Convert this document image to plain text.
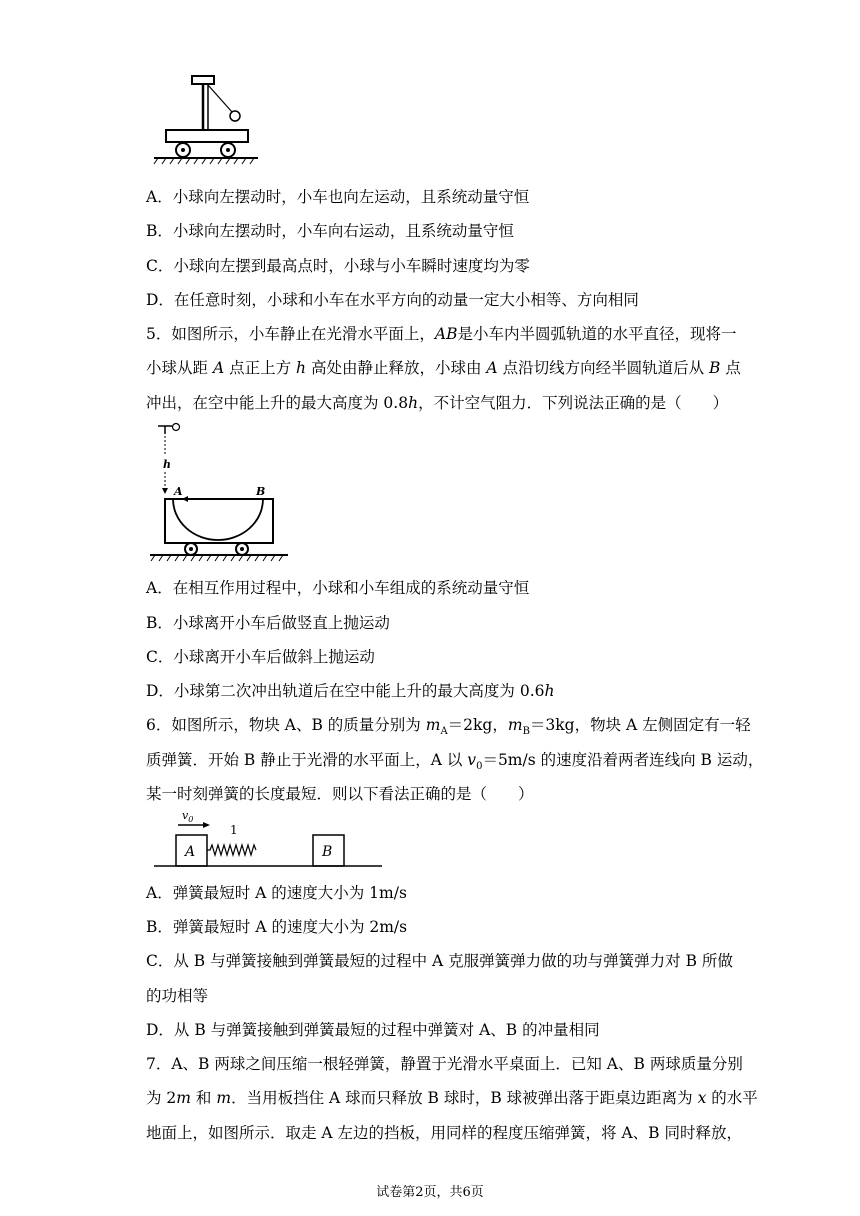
A．小球向左摆动时，小车也向左运动，且系统动量守恒
B．小球向左摆动时，小车向右运动，且系统动量守恒
C．小球向左摆到最高点时，小球与小车瞬时速度均为零
D．在任意时刻，小球和小车在水平方向的动量一定大小相等、方向相同
5．如图所示，小车静止在光滑水平面上，AB是小车内半圆弧轨道的水平直径，现将一
小球从距 A 点正上方 h 高处由静止释放，小球由 A 点沿切线方向经半圆轨道后从 B 点
冲出，在空中能上升的最大高度为 0.8h，不计空气阻力．下列说法正确的是（　　）
h
A	B
A．在相互作用过程中，小球和小车组成的系统动量守恒
B．小球离开小车后做竖直上抛运动
C．小球离开小车后做斜上抛运动
D．小球第二次冲出轨道后在空中能上升的最大高度为 0.6h
6．如图所示，物块 A、B 的质量分别为 $m_A=2kg$，$m_B=3kg$，物块 A 左侧固定有一轻
质弹簧．开始 B 静止于光滑的水平面上，A 以 $v_0=5m/s$ 的速度沿着两者连线向 B 运动，
某一时刻弹簧的长度最短．则以下看法正确的是（　　）
$v_0$
1
A	B
A．弹簧最短时 A 的速度大小为 1m/s
B．弹簧最短时 A 的速度大小为 2m/s
C．从 B 与弹簧接触到弹簧最短的过程中 A 克服弹簧弹力做的功与弹簧弹力对 B 所做
的功相等
D．从 B 与弹簧接触到弹簧最短的过程中弹簧对 A、B 的冲量相同
7．A、B 两球之间压缩一根轻弹簧，静置于光滑水平桌面上．已知 A、B 两球质量分别
为 2m 和 m．当用板挡住 A 球而只释放 B 球时，B 球被弹出落于距桌边距离为 x 的水平
地面上，如图所示．取走 A 左边的挡板，用同样的程度压缩弹簧，将 A、B 同时释放，
试卷第2页，共6页
